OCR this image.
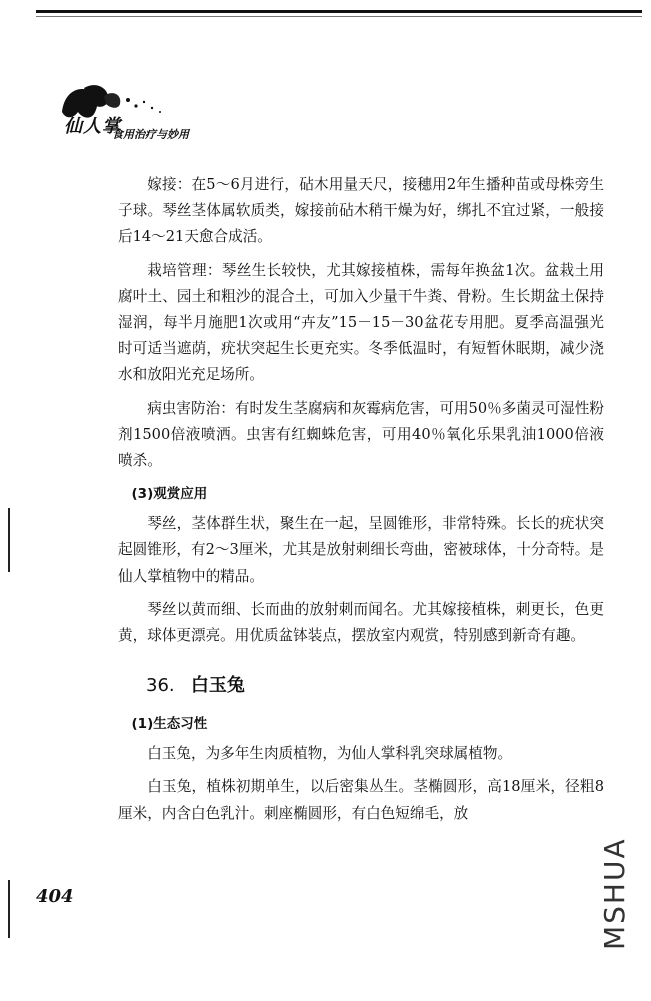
仙人掌
食用治疗与妙用

嫁接：在5～6月进行，砧木用量天尺，接穗用2年生播种苗或母株旁生子球。琴丝茎体属软质类，嫁接前砧木稍干燥为好，绑扎不宜过紧，一般接后14～21天愈合成活。

栽培管理：琴丝生长较快，尤其嫁接植株，需每年换盆1次。盆栽土用腐叶土、园土和粗沙的混合土，可加入少量干牛粪、骨粉。生长期盆土保持湿润，每半月施肥1次或用“卉友”15－15－30盆花专用肥。夏季高温强光时可适当遮荫，疣状突起生长更充实。冬季低温时，有短暂休眠期，减少浇水和放阳光充足场所。

病虫害防治：有时发生茎腐病和灰霉病危害，可用50％多菌灵可湿性粉剂1500倍液喷洒。虫害有红蜘蛛危害，可用40％氧化乐果乳油1000倍液喷杀。

(3)观赏应用

琴丝，茎体群生状，聚生在一起，呈圆锥形，非常特殊。长长的疣状突起圆锥形，有2～3厘米，尤其是放射刺细长弯曲，密被球体，十分奇特。是仙人掌植物中的精品。

琴丝以黄而细、长而曲的放射刺而闻名。尤其嫁接植株，刺更长，色更黄，球体更漂亮。用优质盆钵装点，摆放室内观赏，特别感到新奇有趣。

36. 白玉兔
(1)生态习性

白玉兔，为多年生肉质植物，为仙人掌科乳突球属植物。

白玉兔，植株初期单生，以后密集丛生。茎椭圆形，高18厘米，径粗8厘米，内含白色乳汁。刺座椭圆形，有白色短绵毛，放

404	MSHUA
